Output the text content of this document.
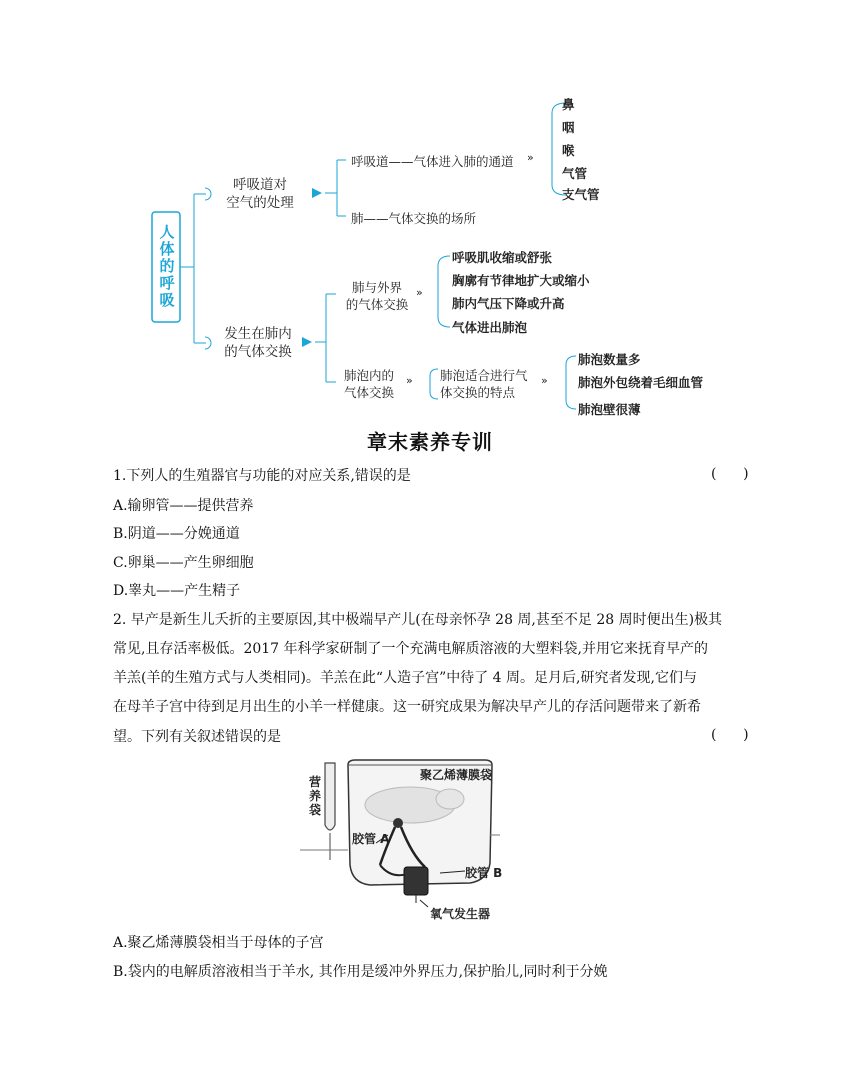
人
体
的
呼
吸
呼吸道对
空气的处理
发生在肺内
的气体交换
呼吸道——气体进入肺的通道 »
肺——气体交换的场所
鼻
咽
喉
气管
支气管
肺与外界
的气体交换
»
呼吸肌收缩或舒张
胸廓有节律地扩大或缩小
肺内气压下降或升高
气体进出肺泡
肺泡内的
气体交换
» 肺泡适合进行气
体交换的特点
»
肺泡数量多
肺泡外包绕着毛细血管
肺泡壁很薄
章末素养专训
1.下列人的生殖器官与功能的对应关系,错误的是	(      )
A.输卵管——提供营养
B.阴道——分娩通道
C.卵巢——产生卵细胞
D.睾丸——产生精子
2. 早产是新生儿夭折的主要原因,其中极端早产儿(在母亲怀孕 28 周,甚至不足 28 周时便出生)极其
常见,且存活率极低。2017 年科学家研制了一个充满电解质溶液的大塑料袋,并用它来抚育早产的
羊羔(羊的生殖方式与人类相同)。羊羔在此“人造子宫”中待了 4 周。足月后,研究者发现,它们与
在母羊子宫中待到足月出生的小羊一样健康。这一研究成果为解决早产儿的存活问题带来了新希
望。下列有关叙述错误的是	(      )
营
养
袋
聚乙烯薄膜袋
胶管 A
胶管 B
氧气发生器
A.聚乙烯薄膜袋相当于母体的子宫
B.袋内的电解质溶液相当于羊水, 其作用是缓冲外界压力,保护胎儿,同时利于分娩
